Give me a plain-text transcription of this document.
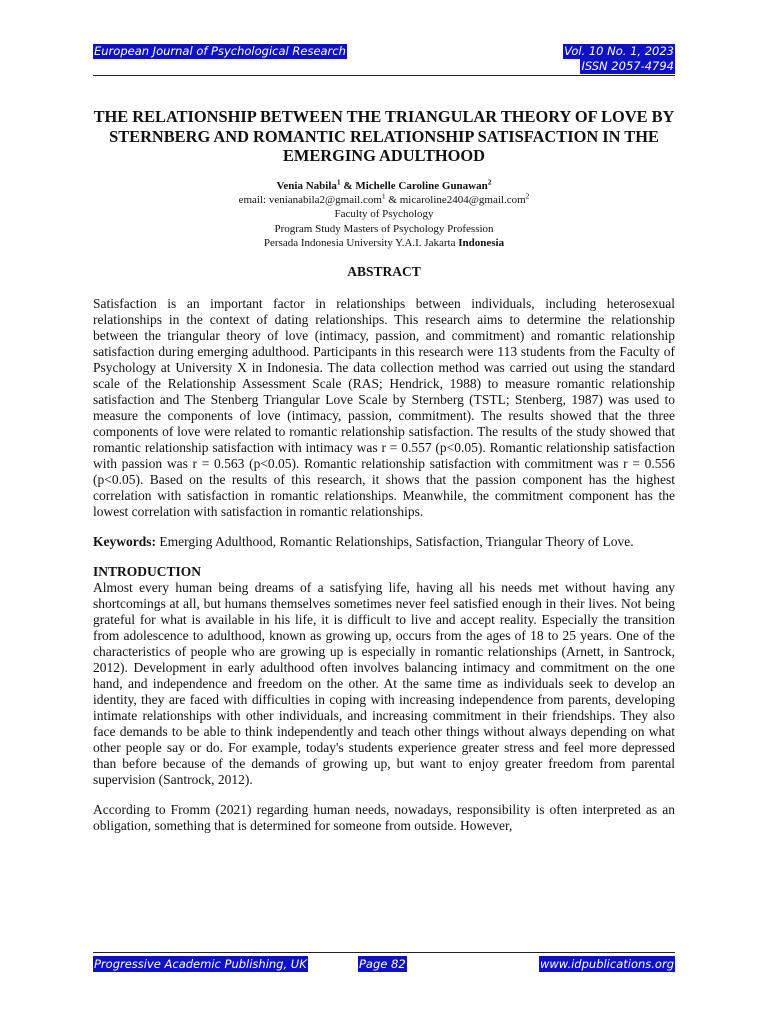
European Journal of Psychological Research	Vol. 10 No. 1, 2023
ISSN 2057-4794
THE RELATIONSHIP BETWEEN THE TRIANGULAR THEORY OF LOVE BY STERNBERG AND ROMANTIC RELATIONSHIP SATISFACTION IN THE EMERGING ADULTHOOD
Venia Nabila$^1$ & Michelle Caroline Gunawan$^2$
email: venianabila2@gmail.com$^1$ & micaroline2404@gmail.com$^2$
Faculty of Psychology
Program Study Masters of Psychology Profession
Persada Indonesia University Y.A.I. Jakarta Indonesia
ABSTRACT

Satisfaction is an important factor in relationships between individuals, including heterosexual relationships in the context of dating relationships. This research aims to determine the relationship between the triangular theory of love (intimacy, passion, and commitment) and romantic relationship satisfaction during emerging adulthood. Participants in this research were 113 students from the Faculty of Psychology at University X in Indonesia. The data collection method was carried out using the standard scale of the Relationship Assessment Scale (RAS; Hendrick, 1988) to measure romantic relationship satisfaction and The Stenberg Triangular Love Scale by Sternberg (TSTL; Stenberg, 1987) was used to measure the components of love (intimacy, passion, commitment). The results showed that the three components of love were related to romantic relationship satisfaction. The results of the study showed that romantic relationship satisfaction with intimacy was r = 0.557 (p<0.05). Romantic relationship satisfaction with passion was r = 0.563 (p<0.05). Romantic relationship satisfaction with commitment was r = 0.556 (p<0.05). Based on the results of this research, it shows that the passion component has the highest correlation with satisfaction in romantic relationships. Meanwhile, the commitment component has the lowest correlation with satisfaction in romantic relationships.

Keywords: Emerging Adulthood, Romantic Relationships, Satisfaction, Triangular Theory of Love.

INTRODUCTION

Almost every human being dreams of a satisfying life, having all his needs met without having any shortcomings at all, but humans themselves sometimes never feel satisfied enough in their lives. Not being grateful for what is available in his life, it is difficult to live and accept reality. Especially the transition from adolescence to adulthood, known as growing up, occurs from the ages of 18 to 25 years. One of the characteristics of people who are growing up is especially in romantic relationships (Arnett, in Santrock, 2012). Development in early adulthood often involves balancing intimacy and commitment on the one hand, and independence and freedom on the other. At the same time as individuals seek to develop an identity, they are faced with difficulties in coping with increasing independence from parents, developing intimate relationships with other individuals, and increasing commitment in their friendships. They also face demands to be able to think independently and teach other things without always depending on what other people say or do. For example, today's students experience greater stress and feel more depressed than before because of the demands of growing up, but want to enjoy greater freedom from parental supervision (Santrock, 2012).

According to Fromm (2021) regarding human needs, nowadays, responsibility is often interpreted as an obligation, something that is determined for someone from outside. However,

Progressive Academic Publishing, UK	Page 82	www.idpublications.org
